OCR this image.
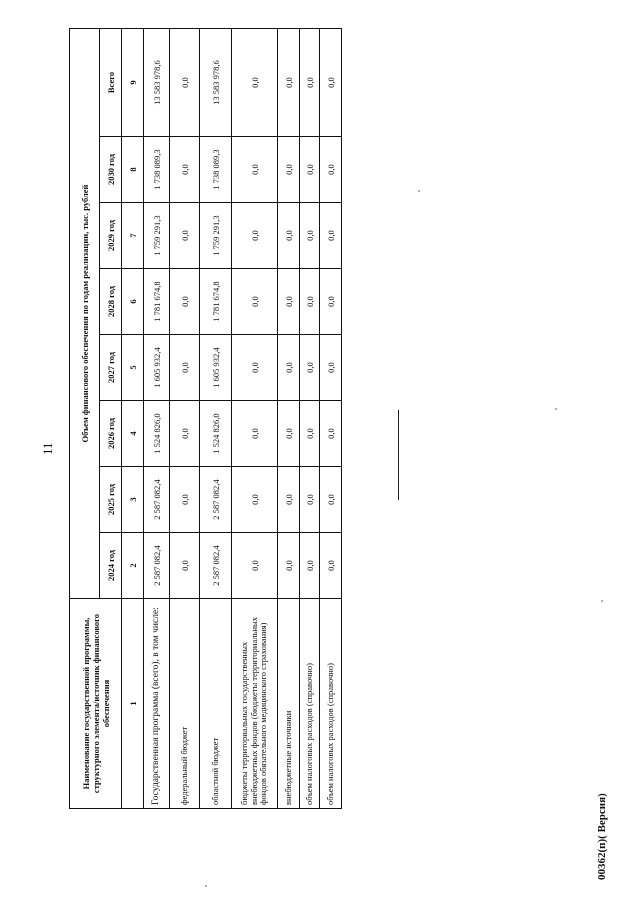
11
Наименование государственной программы, структурного элемента/источник финансового обеспечения	Объем финансового обеспечения по годам реализации, тыс. рублей							
	2024 год	2025 год	2026 год	2027 год	2028 год	2029 год	2030 год	Всего
1	2	3	4	5	6	7	8	9
Государственная программа (всего), в том числе:	2 587 082,4	2 587 082,4	1 524 826,0	1 605 932,4	1 781 674,8	1 759 291,3	1 738 089,3	13 583 978,6
федеральный бюджет	0,0	0,0	0,0	0,0	0,0	0,0	0,0	0,0
областной бюджет	2 587 082,4	2 587 082,4	1 524 826,0	1 605 932,4	1 781 674,8	1 759 291,3	1 738 089,3	13 583 978,6
бюджеты территориальных государственных внебюджетных фондов (бюджеты территориальных фондов обязательного медицинского страхования)	0,0	0,0	0,0	0,0	0,0	0,0	0,0	0,0
внебюджетные источники	0,0	0,0	0,0	0,0	0,0	0,0	0,0	0,0
объем налоговых расходов (справочно)	0,0	0,0	0,0	0,0	0,0	0,0	0,0	0,0
объем налоговых расходов (справочно)	0,0	0,0	0,0	0,0	0,0	0,0	0,0	0,0
00362(п)( Версия)
